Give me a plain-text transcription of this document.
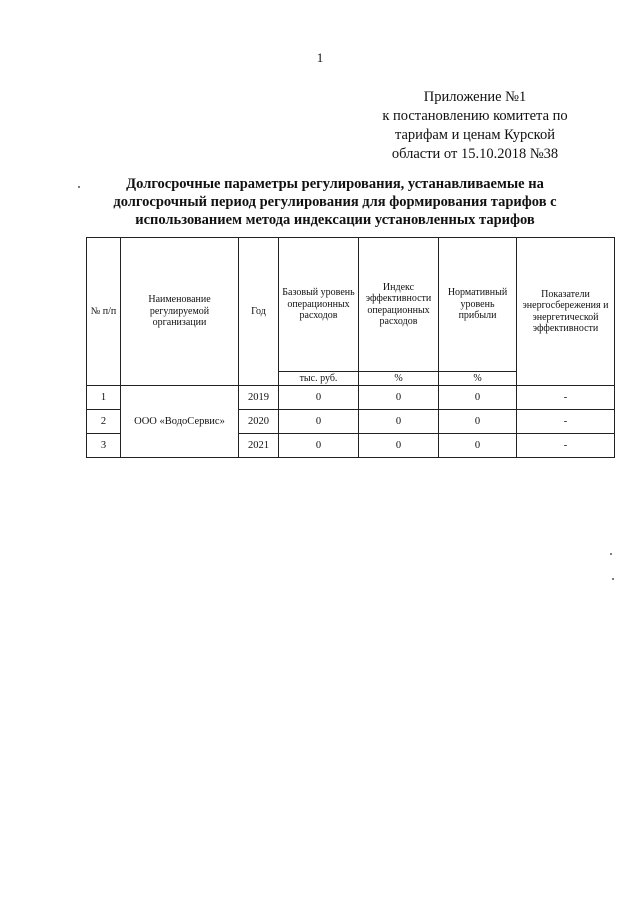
1
Приложение №1
к постановлению комитета по
тарифам и ценам Курской
области от 15.10.2018 №38
Долгосрочные параметры регулирования, устанавливаемые на
долгосрочный период регулирования для формирования тарифов с
использованием метода индексации установленных тарифов
№ п/п	Наименование регулируемой организации	Год	Базовый уровень операционных расходов	Индекс эффективности операционных расходов	Нормативный уровень прибыли	Показатели энергосбережения и энергетической эффективности
			тыс. руб.	%	%	
1	ООО «ВодоСервис»	2019	0	0	0	-
2		2020	0	0	0	-
3		2021	0	0	0	-
